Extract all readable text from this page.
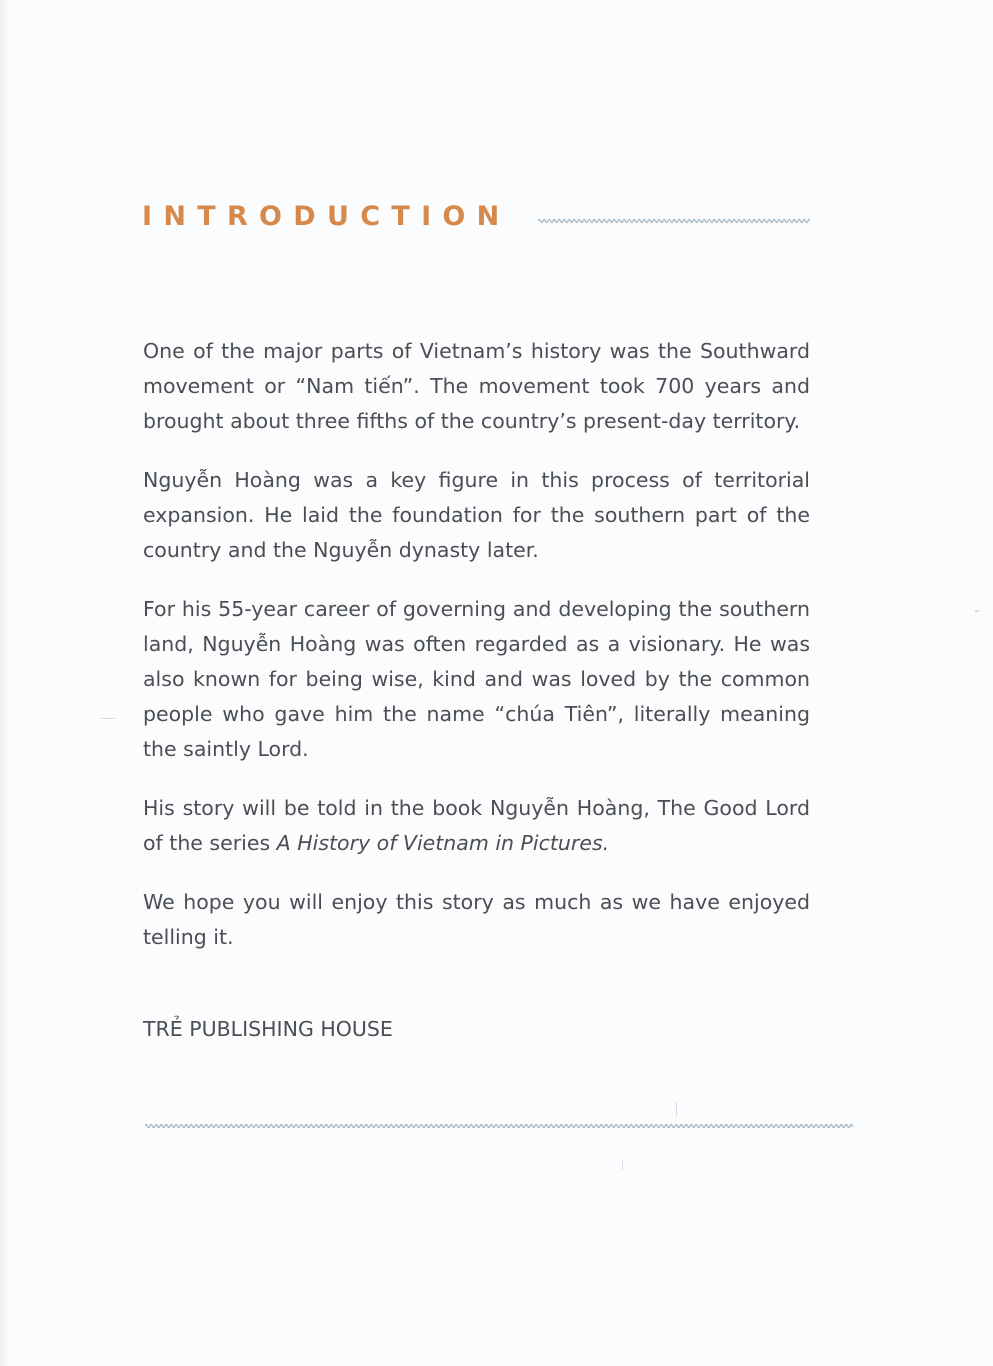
INTRODUCTION

One of the major parts of Vietnam’s history was the Southward movement or “Nam tiến”. The movement took 700 years and brought about three fifths of the country’s present-day territory.

Nguyễn Hoàng was a key figure in this process of territorial expansion. He laid the foundation for the southern part of the country and the Nguyễn dynasty later.

For his 55-year career of governing and developing the southern land, Nguyễn Hoàng was often regarded as a visionary. He was also known for being wise, kind and was loved by the common people who gave him the name “chúa Tiên”, literally meaning the saintly Lord.

His story will be told in the book Nguyễn Hoàng, The Good Lord of the series A History of Vietnam in Pictures.

We hope you will enjoy this story as much as we have enjoyed telling it.

TRẺ PUBLISHING HOUSE
